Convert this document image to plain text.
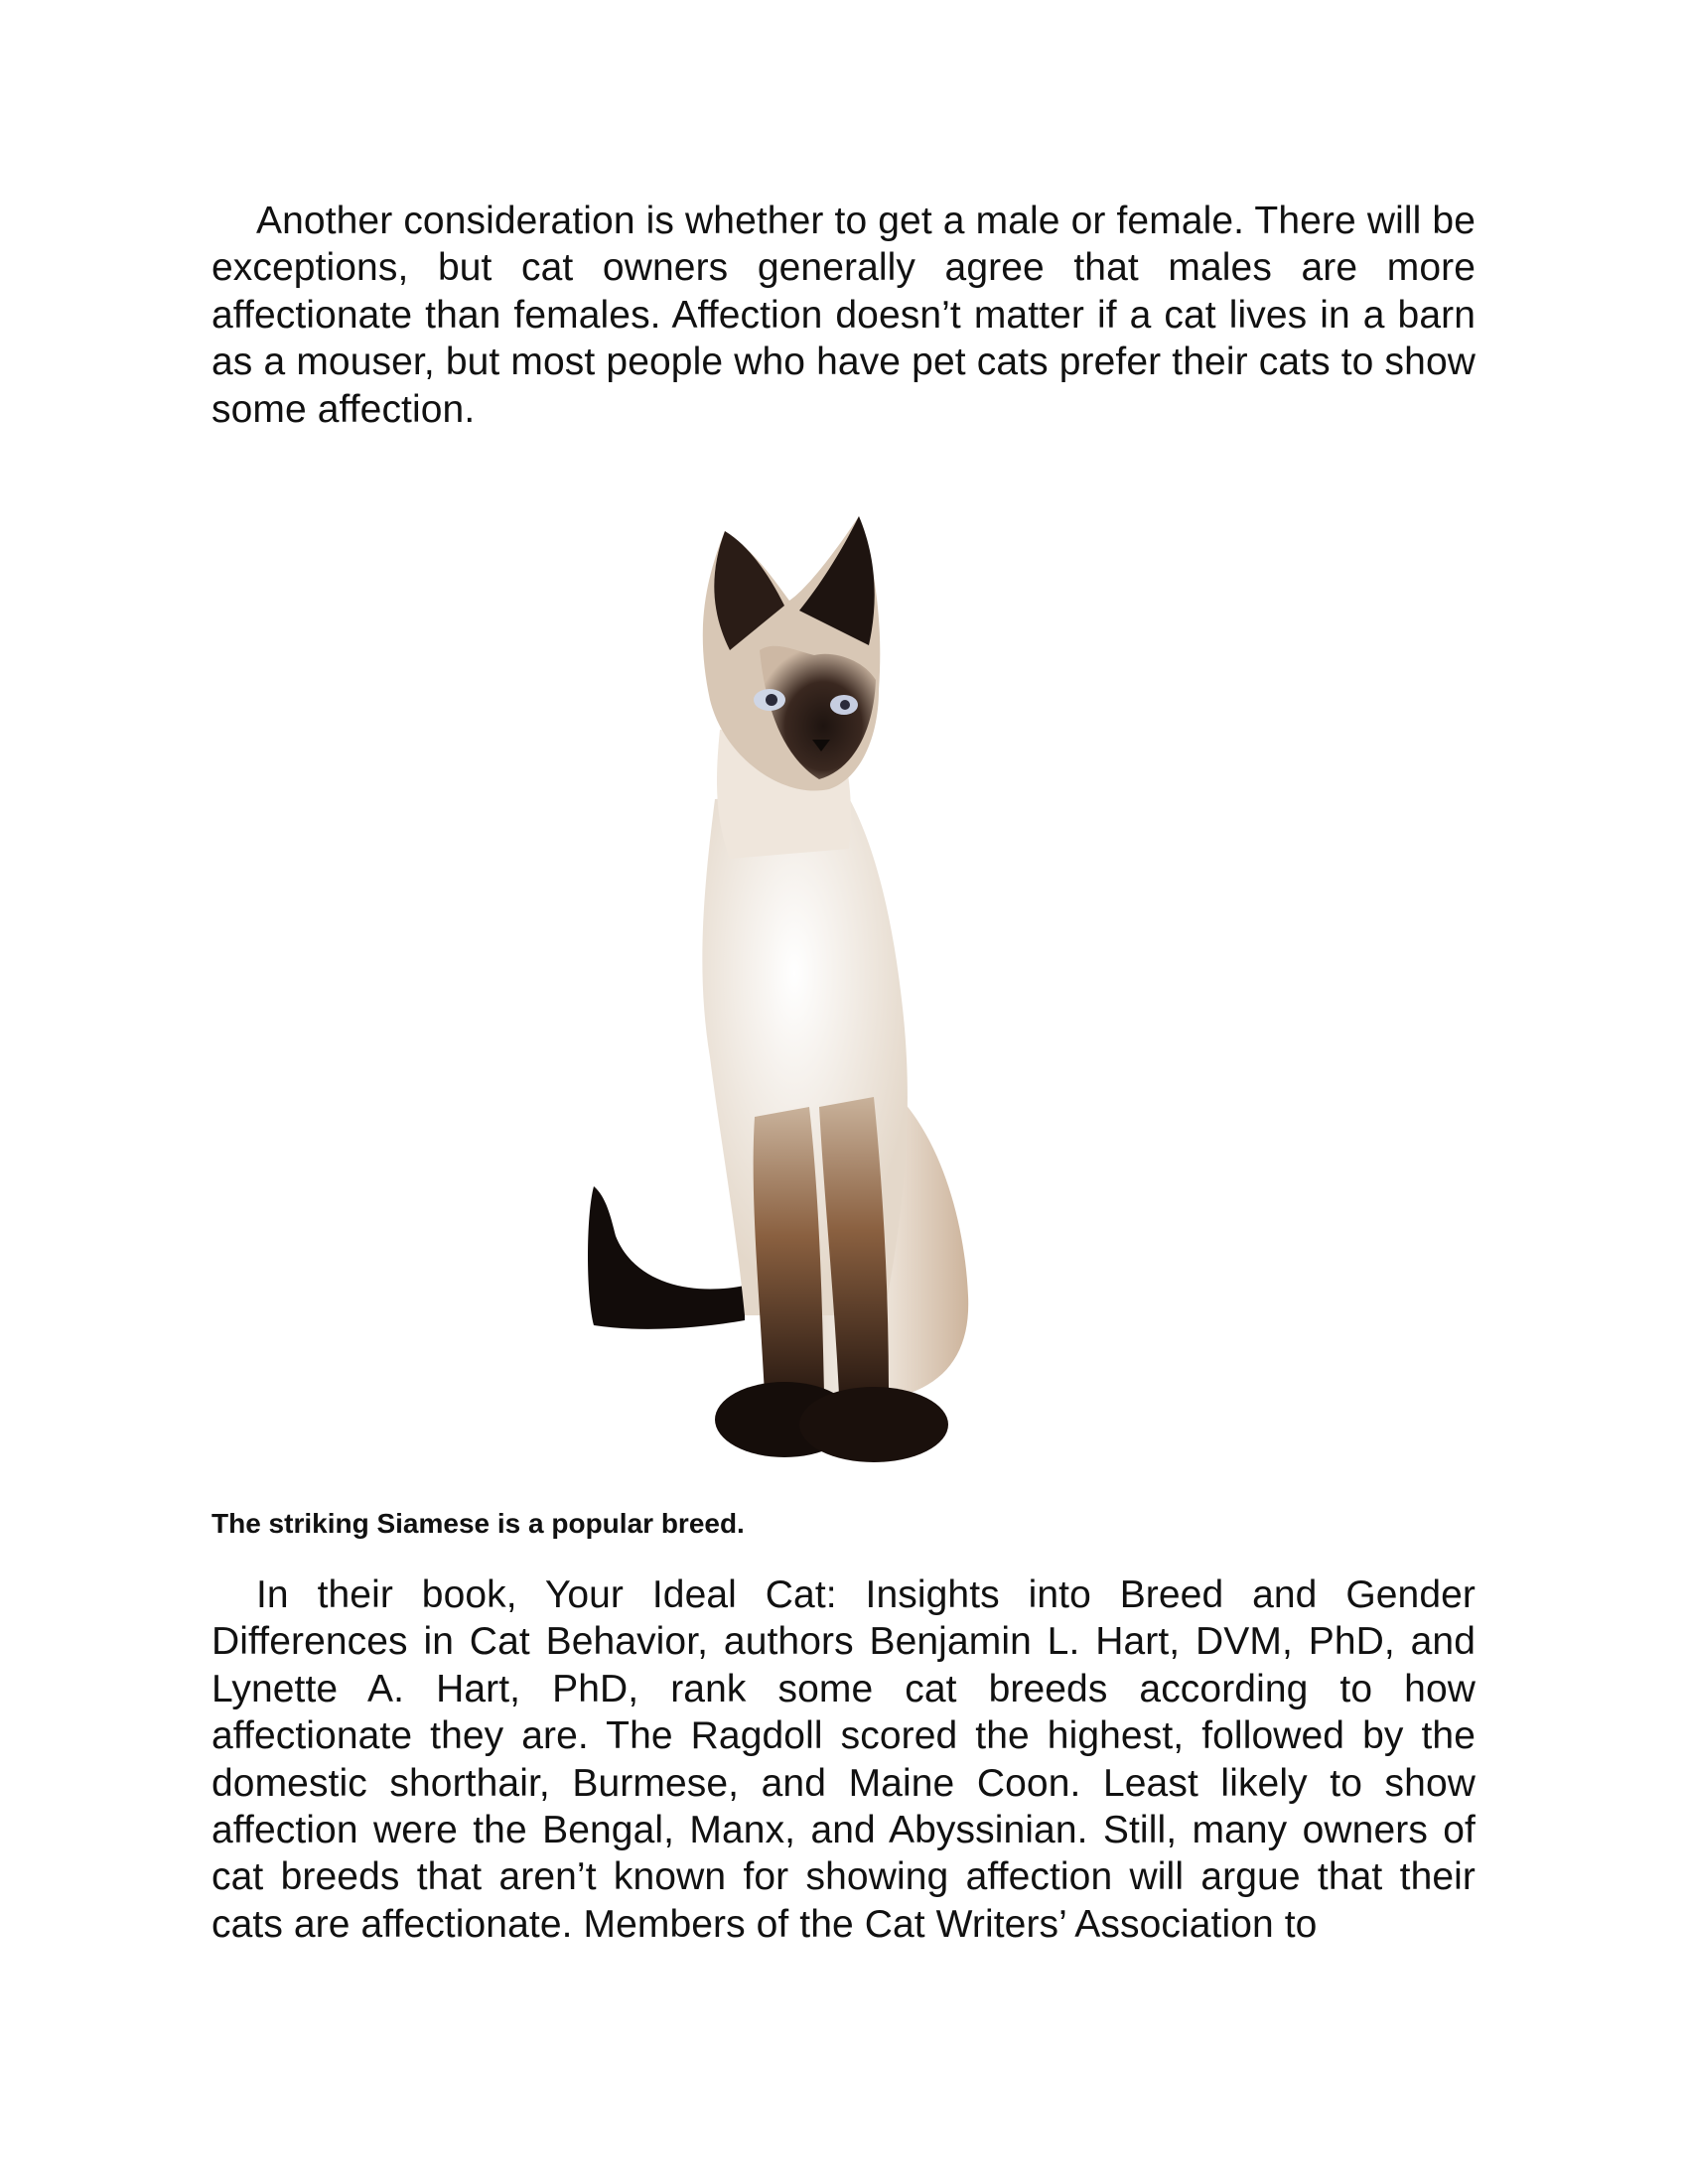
Another consideration is whether to get a male or female. There will be exceptions, but cat owners generally agree that males are more affectionate than females. Affection doesn’t matter if a cat lives in a barn as a mouser, but most people who have pet cats prefer their cats to show some affection.

The striking Siamese is a popular breed.

In their book, Your Ideal Cat: Insights into Breed and Gender Differences in Cat Behavior, authors Benjamin L. Hart, DVM, PhD, and Lynette A. Hart, PhD, rank some cat breeds according to how affectionate they are. The Ragdoll scored the highest, followed by the domestic shorthair, Burmese, and Maine Coon. Least likely to show affection were the Bengal, Manx, and Abyssinian. Still, many owners of cat breeds that aren’t known for showing affection will argue that their cats are affectionate. Members of the Cat Writers’ Association to
